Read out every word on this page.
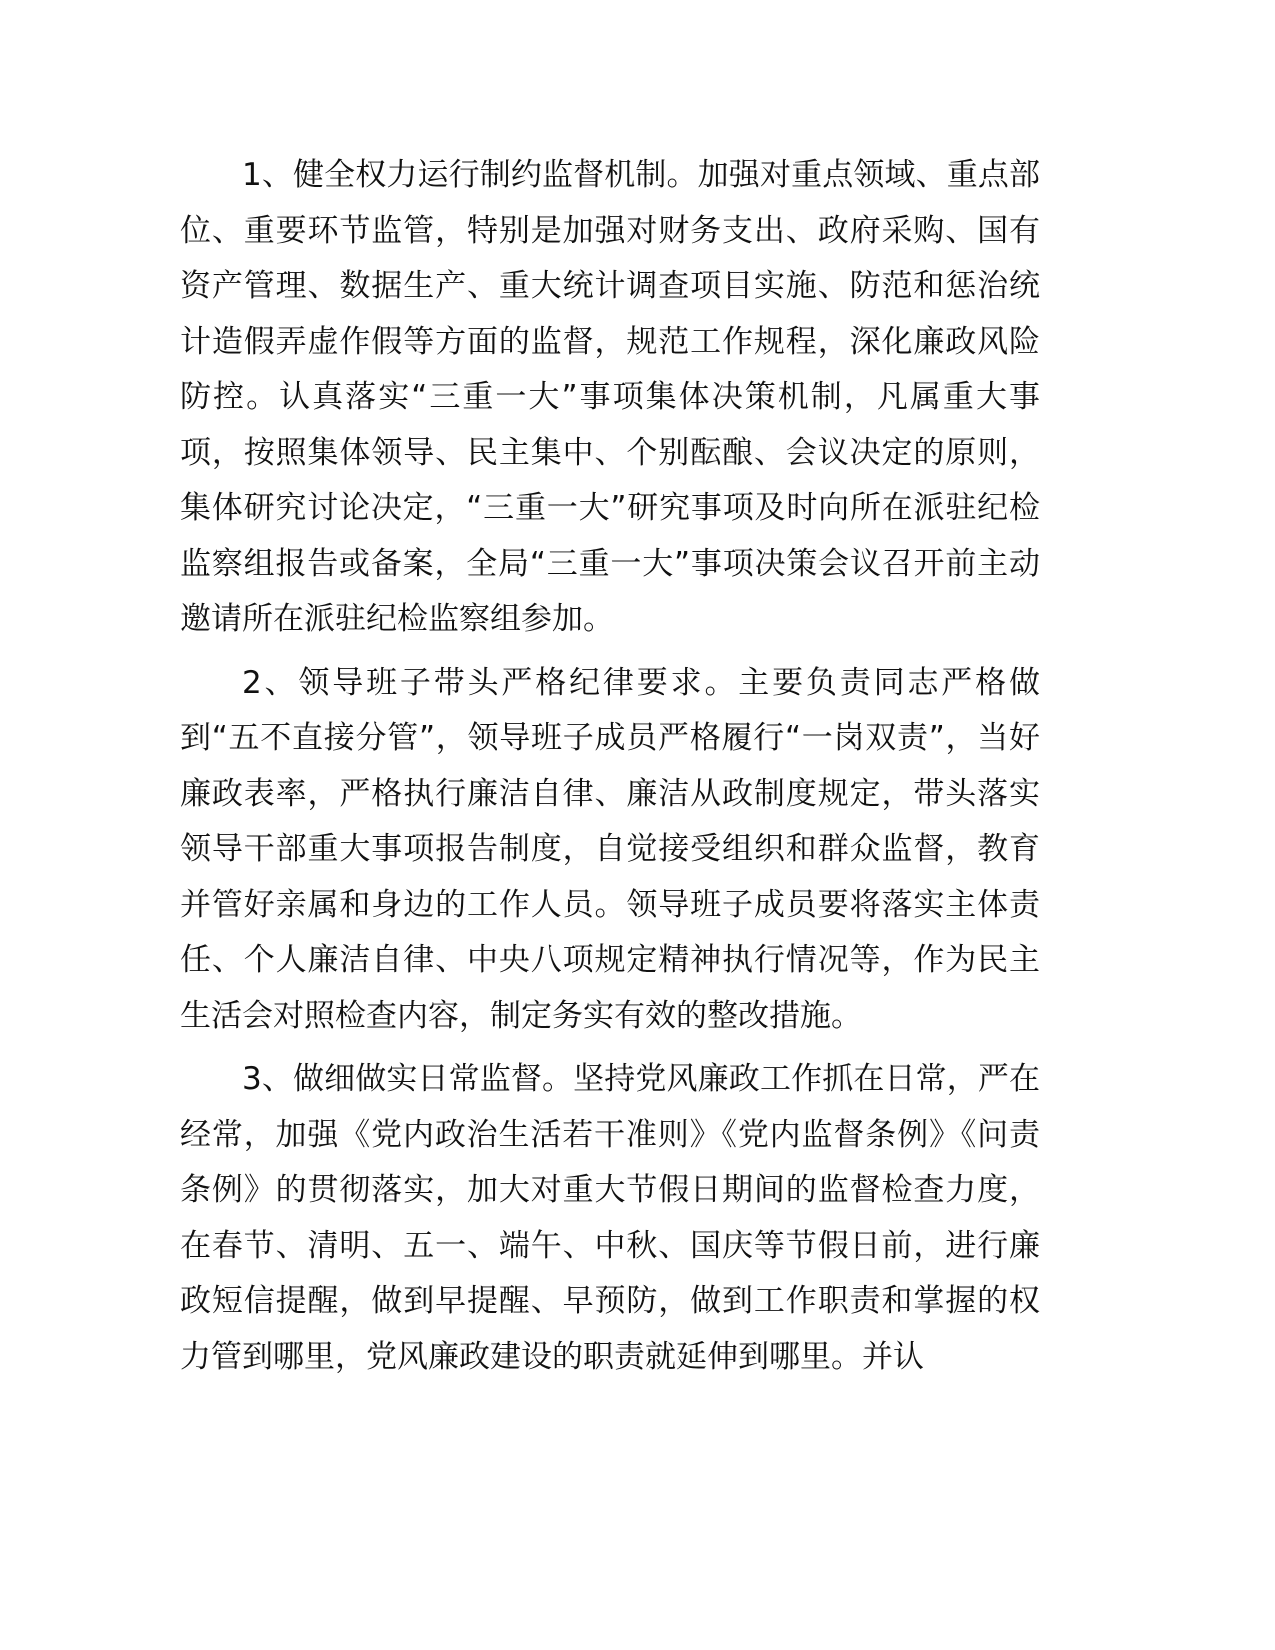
1、健全权力运行制约监督机制。加强对重点领域、重点部位、重要环节监管，特别是加强对财务支出、政府采购、国有资产管理、数据生产、重大统计调查项目实施、防范和惩治统计造假弄虚作假等方面的监督，规范工作规程，深化廉政风险防控。认真落实“三重一大”事项集体决策机制，凡属重大事项，按照集体领导、民主集中、个别酝酿、会议决定的原则，集体研究讨论决定，“三重一大”研究事项及时向所在派驻纪检监察组报告或备案，全局“三重一大”事项决策会议召开前主动邀请所在派驻纪检监察组参加。

2、领导班子带头严格纪律要求。主要负责同志严格做到“五不直接分管”，领导班子成员严格履行“一岗双责”，当好廉政表率，严格执行廉洁自律、廉洁从政制度规定，带头落实领导干部重大事项报告制度，自觉接受组织和群众监督，教育并管好亲属和身边的工作人员。领导班子成员要将落实主体责任、个人廉洁自律、中央八项规定精神执行情况等，作为民主生活会对照检查内容，制定务实有效的整改措施。

3、做细做实日常监督。坚持党风廉政工作抓在日常，严在经常，加强《党内政治生活若干准则》《党内监督条例》《问责条例》的贯彻落实，加大对重大节假日期间的监督检查力度，在春节、清明、五一、端午、中秋、国庆等节假日前，进行廉政短信提醒，做到早提醒、早预防，做到工作职责和掌握的权力管到哪里，党风廉政建设的职责就延伸到哪里。并认
